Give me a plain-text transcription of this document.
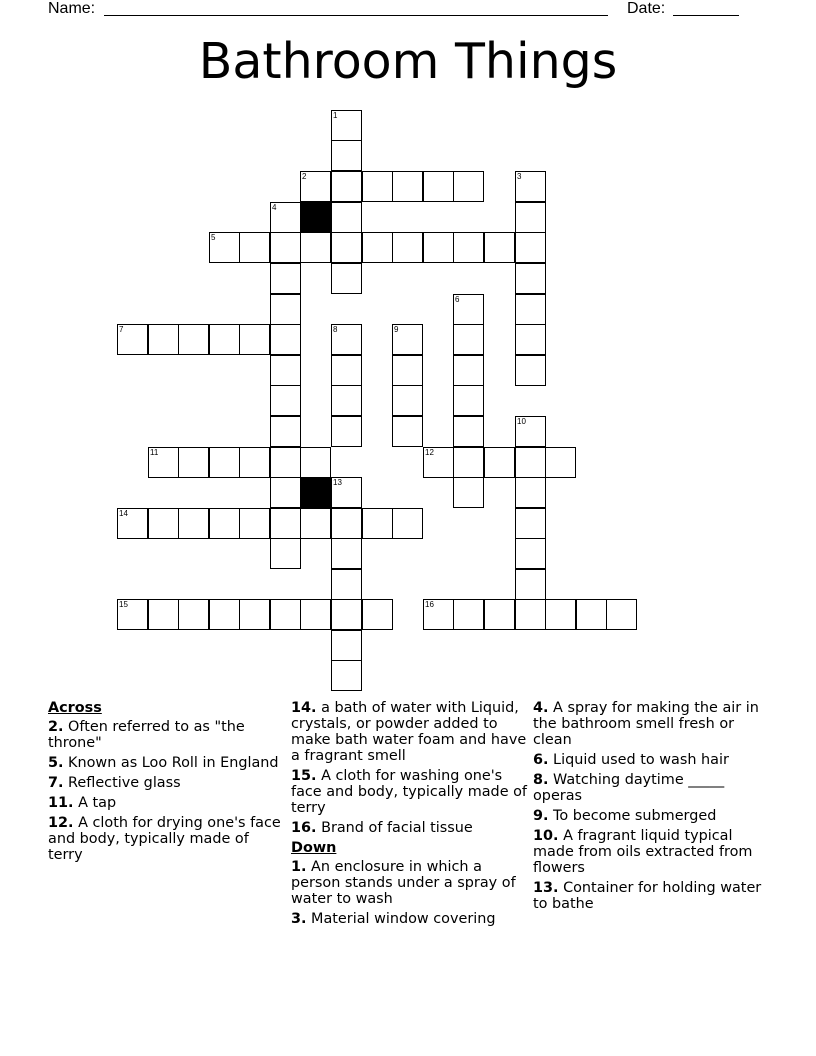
Name:	Date:
Bathroom Things
1
2	3
4
5
6
7	8	9
10
11	12
13
14
15	16
Across
2. Often referred to as "the throne"
5. Known as Loo Roll in England
7. Reflective glass
11. A tap
12. A cloth for drying one's face and body, typically made of terry
14. a bath of water with Liquid, crystals, or powder added to make bath water foam and have a fragrant smell
15. A cloth for washing one's face and body, typically made of terry
16. Brand of facial tissue
Down
1. An enclosure in which a person stands under a spray of water to wash
3. Material window covering
4. A spray for making the air in the bathroom smell fresh or clean
6. Liquid used to wash hair
8. Watching daytime _____ operas
9. To become submerged
10. A fragrant liquid typical made from oils extracted from flowers
13. Container for holding water to bathe
